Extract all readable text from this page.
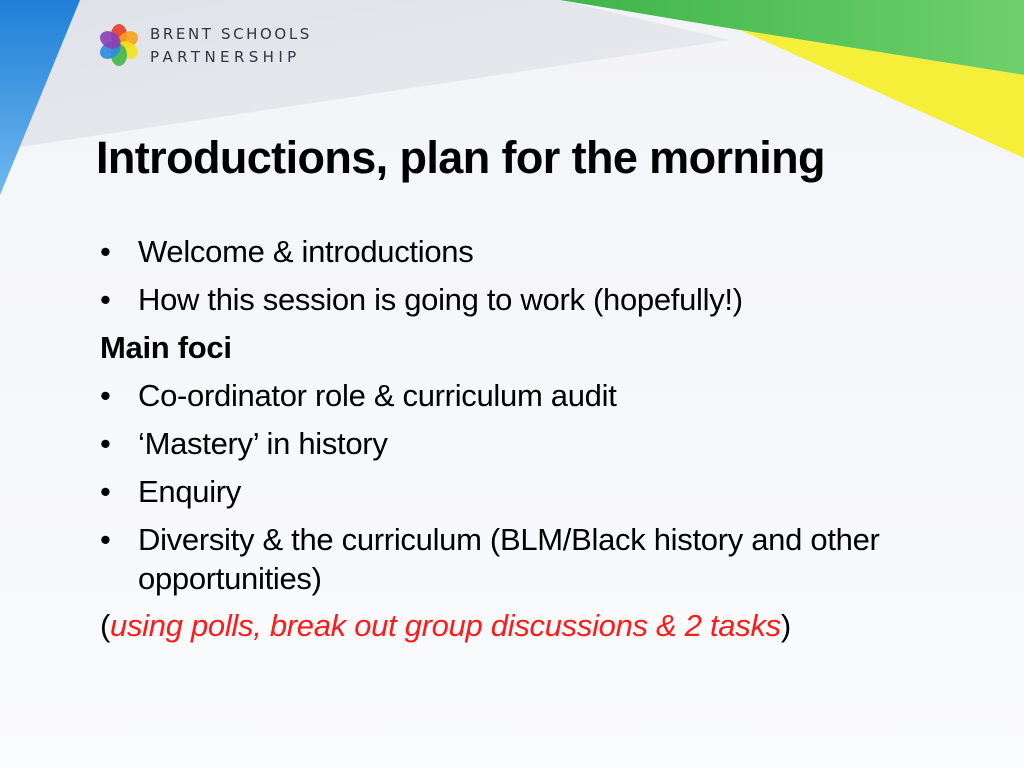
BRENT SCHOOLS
PARTNERSHIP
Introductions, plan for the morning
• Welcome & introductions
• How this session is going to work (hopefully!)
Main foci
• Co-ordinator role & curriculum audit
• ‘Mastery’ in history
• Enquiry
• Diversity & the curriculum (BLM/Black history and other opportunities)
(using polls, break out group discussions & 2 tasks)
